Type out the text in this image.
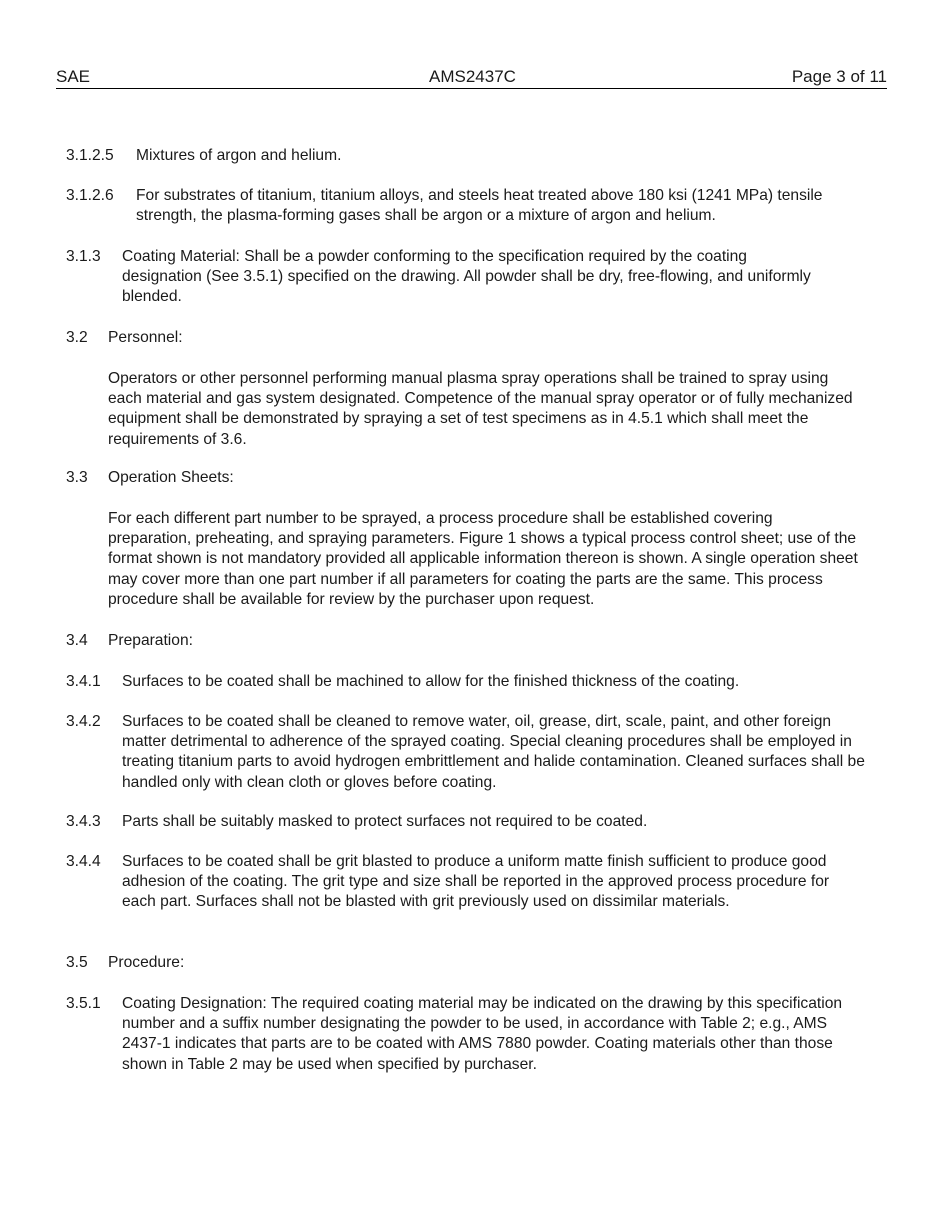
SAE	AMS2437C	Page 3 of 11
3.1.2.5 Mixtures of argon and helium.
3.1.2.6 For substrates of titanium, titanium alloys, and steels heat treated above 180 ksi (1241 MPa) tensile strength, the plasma-forming gases shall be argon or a mixture of argon and helium.
3.1.3 Coating Material: Shall be a powder conforming to the specification required by the coating designation (See 3.5.1) specified on the drawing. All powder shall be dry, free-flowing, and uniformly blended.
3.2 Personnel:
Operators or other personnel performing manual plasma spray operations shall be trained to spray using each material and gas system designated. Competence of the manual spray operator or of fully mechanized equipment shall be demonstrated by spraying a set of test specimens as in 4.5.1 which shall meet the requirements of 3.6.
3.3 Operation Sheets:
For each different part number to be sprayed, a process procedure shall be established covering preparation, preheating, and spraying parameters. Figure 1 shows a typical process control sheet; use of the format shown is not mandatory provided all applicable information thereon is shown. A single operation sheet may cover more than one part number if all parameters for coating the parts are the same. This process procedure shall be available for review by the purchaser upon request.
3.4 Preparation:
3.4.1 Surfaces to be coated shall be machined to allow for the finished thickness of the coating.
3.4.2 Surfaces to be coated shall be cleaned to remove water, oil, grease, dirt, scale, paint, and other foreign matter detrimental to adherence of the sprayed coating. Special cleaning procedures shall be employed in treating titanium parts to avoid hydrogen embrittlement and halide contamination. Cleaned surfaces shall be handled only with clean cloth or gloves before coating.
3.4.3 Parts shall be suitably masked to protect surfaces not required to be coated.
3.4.4 Surfaces to be coated shall be grit blasted to produce a uniform matte finish sufficient to produce good adhesion of the coating. The grit type and size shall be reported in the approved process procedure for each part. Surfaces shall not be blasted with grit previously used on dissimilar materials.
3.5 Procedure:
3.5.1 Coating Designation: The required coating material may be indicated on the drawing by this specification number and a suffix number designating the powder to be used, in accordance with Table 2; e.g., AMS 2437-1 indicates that parts are to be coated with AMS 7880 powder. Coating materials other than those shown in Table 2 may be used when specified by purchaser.
